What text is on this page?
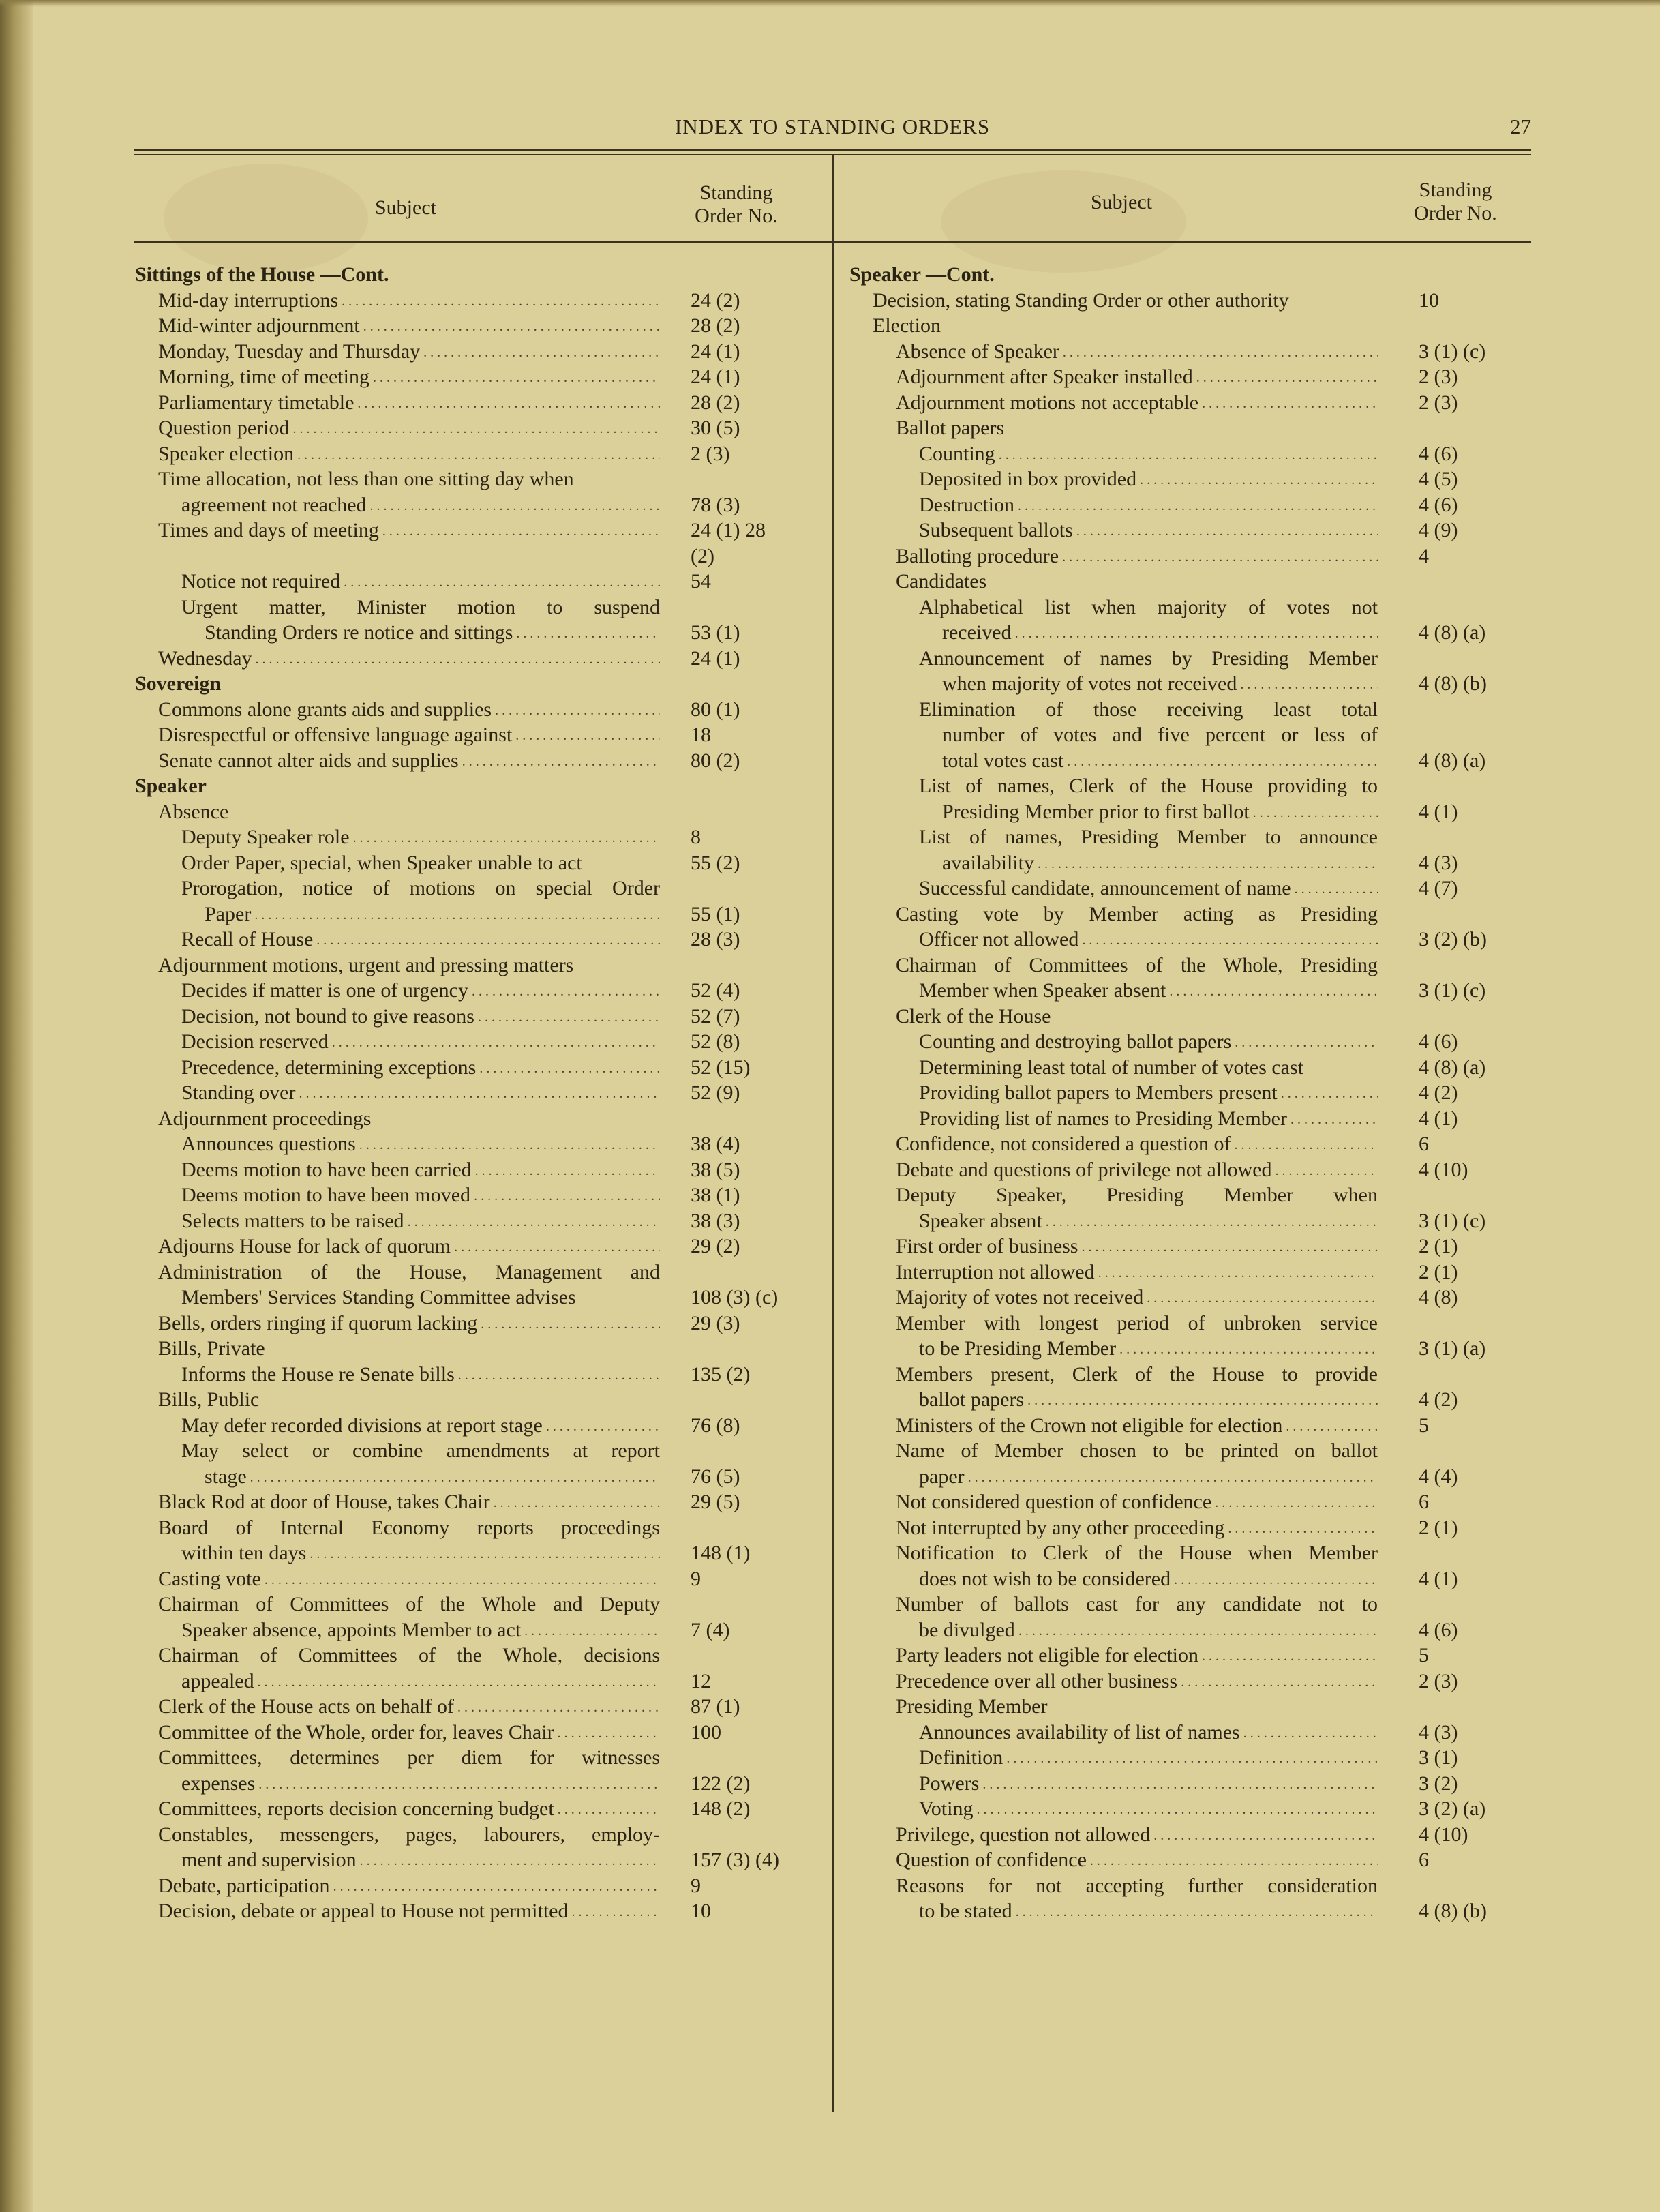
INDEX TO STANDING ORDERS	27
Subject
Standing
Order No.
Subject
Standing
Order No.
Sittings of the House —Cont.
Mid-day interruptions . . .	24 (2)
Mid-winter adjournment . . .	28 (2)
Monday, Tuesday and Thursday . . .	24 (1)
Morning, time of meeting . . .	24 (1)
Parliamentary timetable . . .	28 (2)
Question period . . .	30 (5)
Speaker election . . .	2 (3)
Time allocation, not less than one sitting day when
agreement not reached . . .	78 (3)
Times and days of meeting . . .	24 (1) 28
(2)
Notice not required . . .	54
Urgent matter, Minister motion to suspend
Standing Orders re notice and sittings . . .	53 (1)
Wednesday . . .	24 (1)
Sovereign
Commons alone grants aids and supplies . . .	80 (1)
Disrespectful or offensive language against . . .	18
Senate cannot alter aids and supplies . . .	80 (2)
Speaker
Absence
Deputy Speaker role . . .	8
Order Paper, special, when Speaker unable to act	55 (2)
Prorogation, notice of motions on special Order
Paper . . .	55 (1)
Recall of House . . .	28 (3)
Adjournment motions, urgent and pressing matters
Decides if matter is one of urgency . . .	52 (4)
Decision, not bound to give reasons . . .	52 (7)
Decision reserved . . .	52 (8)
Precedence, determining exceptions . . .	52 (15)
Standing over . . .	52 (9)
Adjournment proceedings
Announces questions . . .	38 (4)
Deems motion to have been carried . . .	38 (5)
Deems motion to have been moved . . .	38 (1)
Selects matters to be raised . . .	38 (3)
Adjourns House for lack of quorum . . .	29 (2)
Administration of the House, Management and
Members' Services Standing Committee advises	108 (3) (c)
Bells, orders ringing if quorum lacking . . .	29 (3)
Bills, Private
Informs the House re Senate bills . . .	135 (2)
Bills, Public
May defer recorded divisions at report stage . . .	76 (8)
May select or combine amendments at report
stage . . .	76 (5)
Black Rod at door of House, takes Chair . . .	29 (5)
Board of Internal Economy reports proceedings
within ten days . . .	148 (1)
Casting vote . . .	9
Chairman of Committees of the Whole and Deputy
Speaker absence, appoints Member to act . . .	7 (4)
Chairman of Committees of the Whole, decisions
appealed . . .	12
Clerk of the House acts on behalf of . . .	87 (1)
Committee of the Whole, order for, leaves Chair . . .	100
Committees, determines per diem for witnesses
expenses . . .	122 (2)
Committees, reports decision concerning budget . . .	148 (2)
Constables, messengers, pages, labourers, employ-
ment and supervision . . .	157 (3) (4)
Debate, participation . . .	9
Decision, debate or appeal to House not permitted . . .	10
Speaker —Cont.
Decision, stating Standing Order or other authority	10
Election
Absence of Speaker . . .	3 (1) (c)
Adjournment after Speaker installed . . .	2 (3)
Adjournment motions not acceptable . . .	2 (3)
Ballot papers
Counting . . .	4 (6)
Deposited in box provided . . .	4 (5)
Destruction . . .	4 (6)
Subsequent ballots . . .	4 (9)
Balloting procedure . . .	4
Candidates
Alphabetical list when majority of votes not
received . . .	4 (8) (a)
Announcement of names by Presiding Member
when majority of votes not received . . .	4 (8) (b)
Elimination of those receiving least total
number of votes and five percent or less of
total votes cast . . .	4 (8) (a)
List of names, Clerk of the House providing to
Presiding Member prior to first ballot . . .	4 (1)
List of names, Presiding Member to announce
availability . . .	4 (3)
Successful candidate, announcement of name . . .	4 (7)
Casting vote by Member acting as Presiding
Officer not allowed . . .	3 (2) (b)
Chairman of Committees of the Whole, Presiding
Member when Speaker absent . . .	3 (1) (c)
Clerk of the House
Counting and destroying ballot papers . . .	4 (6)
Determining least total of number of votes cast	4 (8) (a)
Providing ballot papers to Members present . . .	4 (2)
Providing list of names to Presiding Member . . .	4 (1)
Confidence, not considered a question of . . .	6
Debate and questions of privilege not allowed . . .	4 (10)
Deputy Speaker, Presiding Member when
Speaker absent . . .	3 (1) (c)
First order of business . . .	2 (1)
Interruption not allowed . . .	2 (1)
Majority of votes not received . . .	4 (8)
Member with longest period of unbroken service
to be Presiding Member . . .	3 (1) (a)
Members present, Clerk of the House to provide
ballot papers . . .	4 (2)
Ministers of the Crown not eligible for election . . .	5
Name of Member chosen to be printed on ballot
paper . . .	4 (4)
Not considered question of confidence . . .	6
Not interrupted by any other proceeding . . .	2 (1)
Notification to Clerk of the House when Member
does not wish to be considered . . .	4 (1)
Number of ballots cast for any candidate not to
be divulged . . .	4 (6)
Party leaders not eligible for election . . .	5
Precedence over all other business . . .	2 (3)
Presiding Member
Announces availability of list of names . . .	4 (3)
Definition . . .	3 (1)
Powers . . .	3 (2)
Voting . . .	3 (2) (a)
Privilege, question not allowed . . .	4 (10)
Question of confidence . . .	6
Reasons for not accepting further consideration
to be stated . . .	4 (8) (b)
